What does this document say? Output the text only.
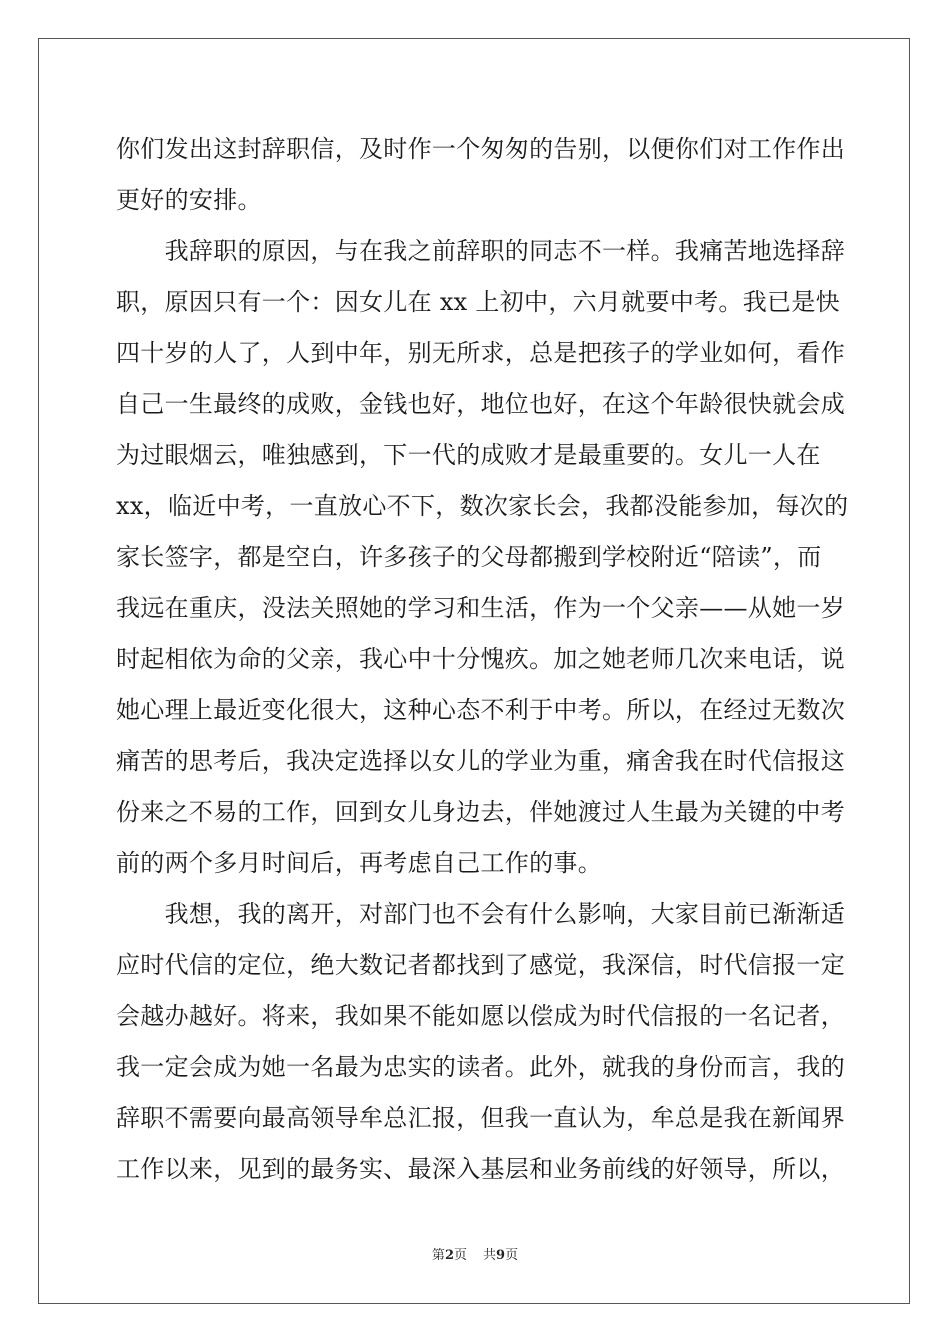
你们发出这封辞职信，及时作一个匆匆的告别，以便你们对工作作出
更好的安排。
　　我辞职的原因，与在我之前辞职的同志不一样。我痛苦地选择辞
职，原因只有一个：因女儿在 xx 上初中，六月就要中考。我已是快
四十岁的人了，人到中年，别无所求，总是把孩子的学业如何，看作
自己一生最终的成败，金钱也好，地位也好，在这个年龄很快就会成
为过眼烟云，唯独感到，下一代的成败才是最重要的。女儿一人在
xx，临近中考，一直放心不下，数次家长会，我都没能参加，每次的
家长签字，都是空白，许多孩子的父母都搬到学校附近“陪读”，而
我远在重庆，没法关照她的学习和生活，作为一个父亲——从她一岁
时起相依为命的父亲，我心中十分愧疚。加之她老师几次来电话，说
她心理上最近变化很大，这种心态不利于中考。所以，在经过无数次
痛苦的思考后，我决定选择以女儿的学业为重，痛舍我在时代信报这
份来之不易的工作，回到女儿身边去，伴她渡过人生最为关键的中考
前的两个多月时间后，再考虑自己工作的事。
　　我想，我的离开，对部门也不会有什么影响，大家目前已渐渐适
应时代信的定位，绝大数记者都找到了感觉，我深信，时代信报一定
会越办越好。将来，我如果不能如愿以偿成为时代信报的一名记者，
我一定会成为她一名最为忠实的读者。此外，就我的身份而言，我的
辞职不需要向最高领导牟总汇报，但我一直认为，牟总是我在新闻界
工作以来，见到的最务实、最深入基层和业务前线的好领导，所以，
第2页 共9页
